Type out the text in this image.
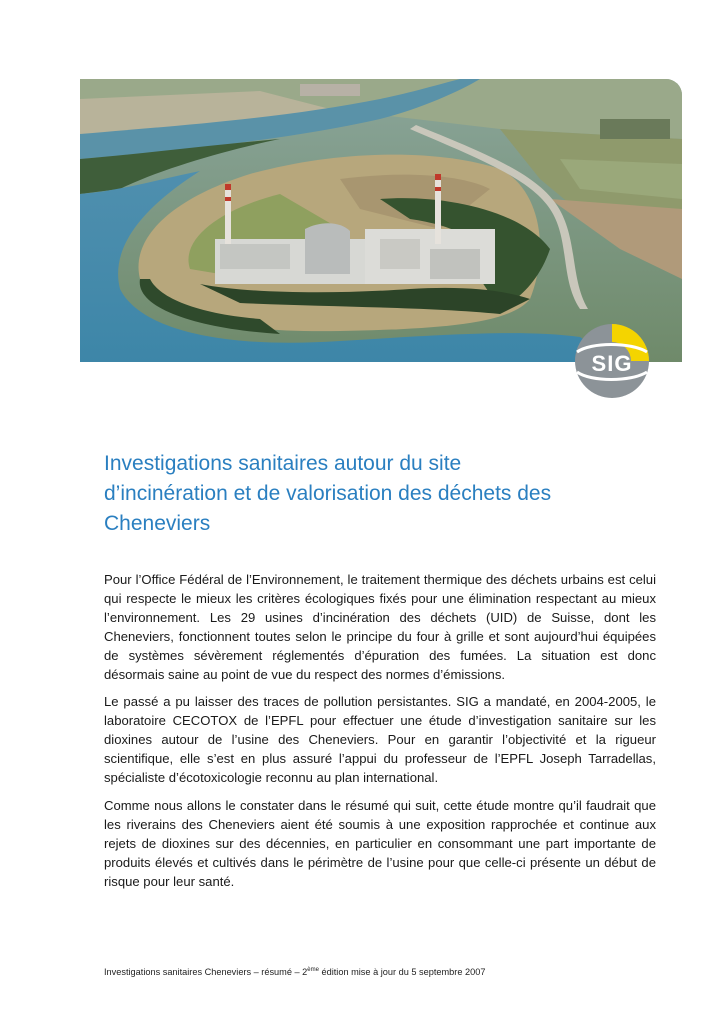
SIG
Investigations sanitaires autour du site
d’incinération et de valorisation des déchets des
Cheneviers

Pour l’Office Fédéral de l’Environnement, le traitement thermique des déchets urbains est celui qui respecte le mieux les critères écologiques fixés pour une élimination respectant au mieux l’environnement. Les 29 usines d’incinération des déchets (UID) de Suisse, dont les Cheneviers, fonctionnent toutes selon le principe du four à grille et sont aujourd’hui équipées de systèmes sévèrement réglementés d’épuration des fumées. La situation est donc désormais saine au point de vue du respect des normes d’émissions.

Le passé a pu laisser des traces de pollution persistantes. SIG a mandaté, en 2004-2005, le laboratoire CECOTOX de l’EPFL pour effectuer une étude d’investigation sanitaire sur les dioxines autour de l’usine des Cheneviers. Pour en garantir l’objectivité et la rigueur scientifique, elle s’est en plus assuré l’appui du professeur de l’EPFL Joseph Tarradellas, spécialiste d’écotoxicologie reconnu au plan international.

Comme nous allons le constater dans le résumé qui suit, cette étude montre qu’il faudrait que les riverains des Cheneviers aient été soumis à une exposition rapprochée et continue aux rejets de dioxines sur des décennies, en particulier en consommant une part importante de produits élevés et cultivés dans le périmètre de l’usine pour que celle-ci présente un début de risque pour leur santé.

Investigations sanitaires Cheneviers – résumé – 2ème édition mise à jour du 5 septembre 2007
